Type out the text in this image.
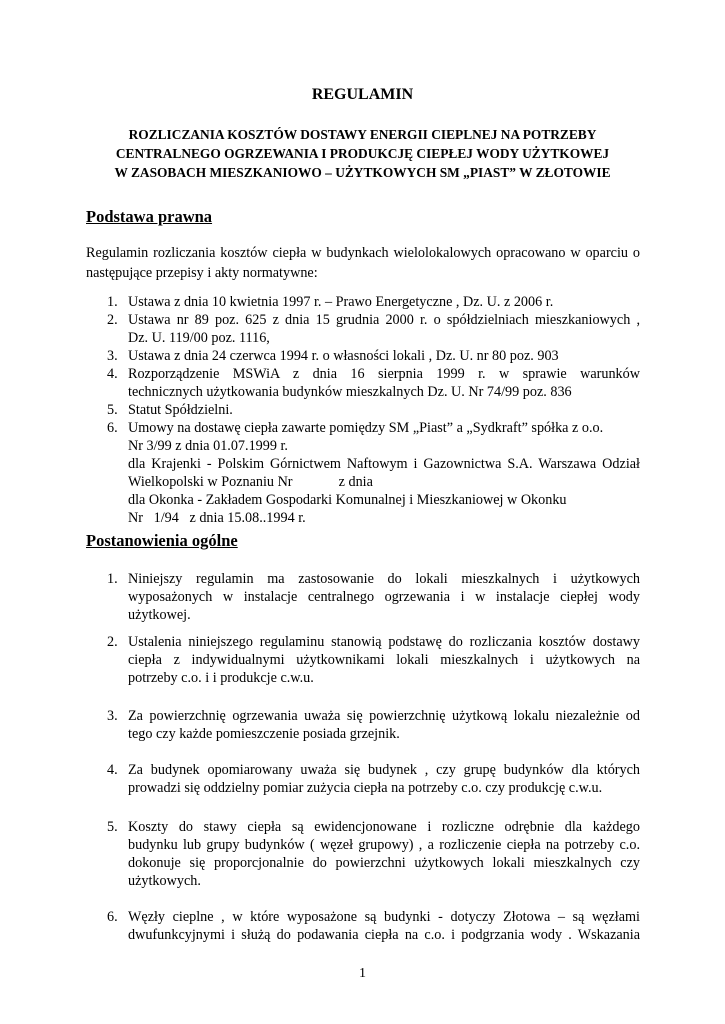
REGULAMIN
ROZLICZANIA KOSZTÓW DOSTAWY ENERGII CIEPLNEJ NA POTRZEBY
CENTRALNEGO OGRZEWANIA I PRODUKCJĘ CIEPŁEJ WODY UŻYTKOWEJ
W ZASOBACH MIESZKANIOWO – UŻYTKOWYCH SM „PIAST” W ZŁOTOWIE
Podstawa prawna
Regulamin rozliczania kosztów ciepła w budynkach wielolokalowych opracowano w oparciu o następujące przepisy i akty normatywne:
1. Ustawa z dnia 10 kwietnia 1997 r. – Prawo Energetyczne , Dz. U. z 2006 r.
2. Ustawa nr 89 poz. 625 z dnia 15 grudnia 2000 r. o spółdzielniach mieszkaniowych ,
Dz. U. 119/00 poz. 1116,
3. Ustawa z dnia 24 czerwca 1994 r. o własności lokali , Dz. U. nr 80 poz. 903
4. Rozporządzenie MSWiA z dnia 16 sierpnia 1999 r. w sprawie warunków
technicznych użytkowania budynków mieszkalnych Dz. U. Nr 74/99 poz. 836
5. Statut Spółdzielni.
6. Umowy na dostawę ciepła zawarte pomiędzy SM „Piast” a „Sydkraft” spółka z o.o.
Nr 3/99 z dnia 01.07.1999 r.
dla Krajenki - Polskim Górnictwem Naftowym i Gazownictwa S.A. Warszawa Odział
Wielkopolski w Poznaniu Nr             z dnia
dla Okonka - Zakładem Gospodarki Komunalnej i Mieszkaniowej w Okonku
Nr   1/94   z dnia 15.08..1994 r.
Postanowienia ogólne
1. Niniejszy regulamin ma zastosowanie do lokali mieszkalnych i użytkowych
wyposażonych w instalacje centralnego ogrzewania i w instalacje ciepłej wody
użytkowej.
2. Ustalenia niniejszego regulaminu stanowią podstawę do rozliczania kosztów dostawy
ciepła z indywidualnymi użytkownikami lokali mieszkalnych i użytkowych na
potrzeby c.o. i i produkcje c.w.u.
3. Za powierzchnię ogrzewania uważa się powierzchnię użytkową lokalu niezależnie od
tego czy każde pomieszczenie posiada grzejnik.
4. Za budynek opomiarowany uważa się budynek , czy grupę budynków dla których
prowadzi się oddzielny pomiar zużycia ciepła na potrzeby c.o. czy produkcję c.w.u.
5. Koszty do stawy ciepła są ewidencjonowane i rozliczne odrębnie dla każdego
budynku lub grupy budynków ( węzeł grupowy) , a rozliczenie ciepła na potrzeby c.o.
dokonuje się proporcjonalnie do powierzchni użytkowych lokali mieszkalnych czy
użytkowych.
6. Węzły cieplne , w które wyposażone są budynki - dotyczy Złotowa – są węzłami
dwufunkcyjnymi i służą do podawania ciepła na c.o. i podgrzania wody . Wskazania
1
